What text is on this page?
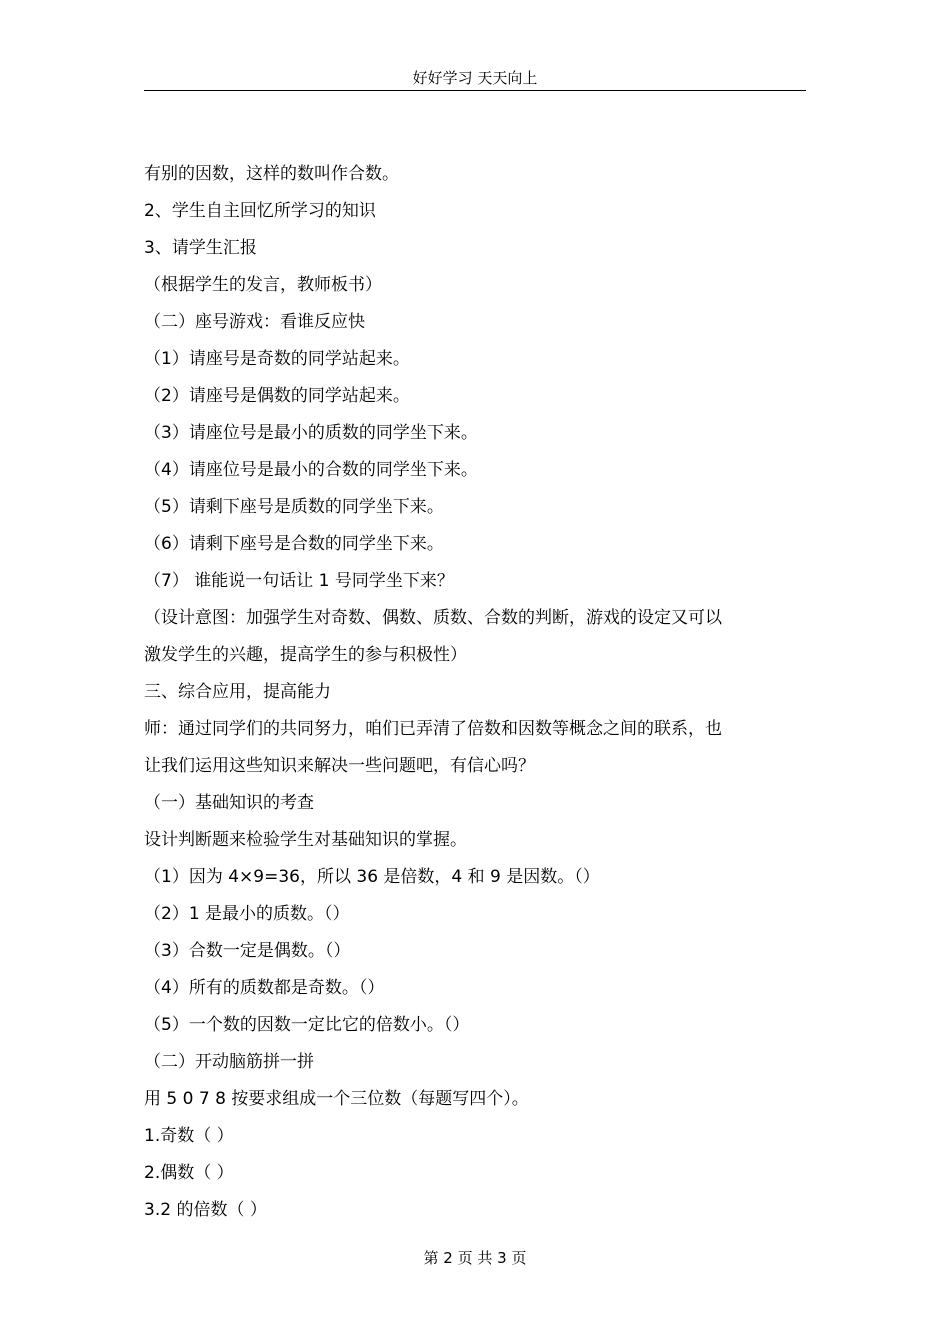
好好学习 天天向上
有别的因数，这样的数叫作合数。
2、学生自主回忆所学习的知识
3、请学生汇报
（根据学生的发言，教师板书）
（二）座号游戏：看谁反应快
（1）请座号是奇数的同学站起来。
（2）请座号是偶数的同学站起来。
（3）请座位号是最小的质数的同学坐下来。
（4）请座位号是最小的合数的同学坐下来。
（5）请剩下座号是质数的同学坐下来。
（6）请剩下座号是合数的同学坐下来。
（7） 谁能说一句话让 1 号同学坐下来？
（设计意图：加强学生对奇数、偶数、质数、合数的判断，游戏的设定又可以
激发学生的兴趣，提高学生的参与积极性）
三、综合应用，提高能力
师：通过同学们的共同努力，咱们已弄清了倍数和因数等概念之间的联系，也
让我们运用这些知识来解决一些问题吧，有信心吗？
（一）基础知识的考查
设计判断题来检验学生对基础知识的掌握。
（1）因为 4×9=36，所以 36 是倍数，4 和 9 是因数。（）
（2）1 是最小的质数。（）
（3）合数一定是偶数。（）
（4）所有的质数都是奇数。（）
（5）一个数的因数一定比它的倍数小。（）
（二）开动脑筋拼一拼
用 5 0 7 8 按要求组成一个三位数（每题写四个）。
1.奇数（ ）
2.偶数（ ）
3.2 的倍数（ ）
第 2 页 共 3 页
